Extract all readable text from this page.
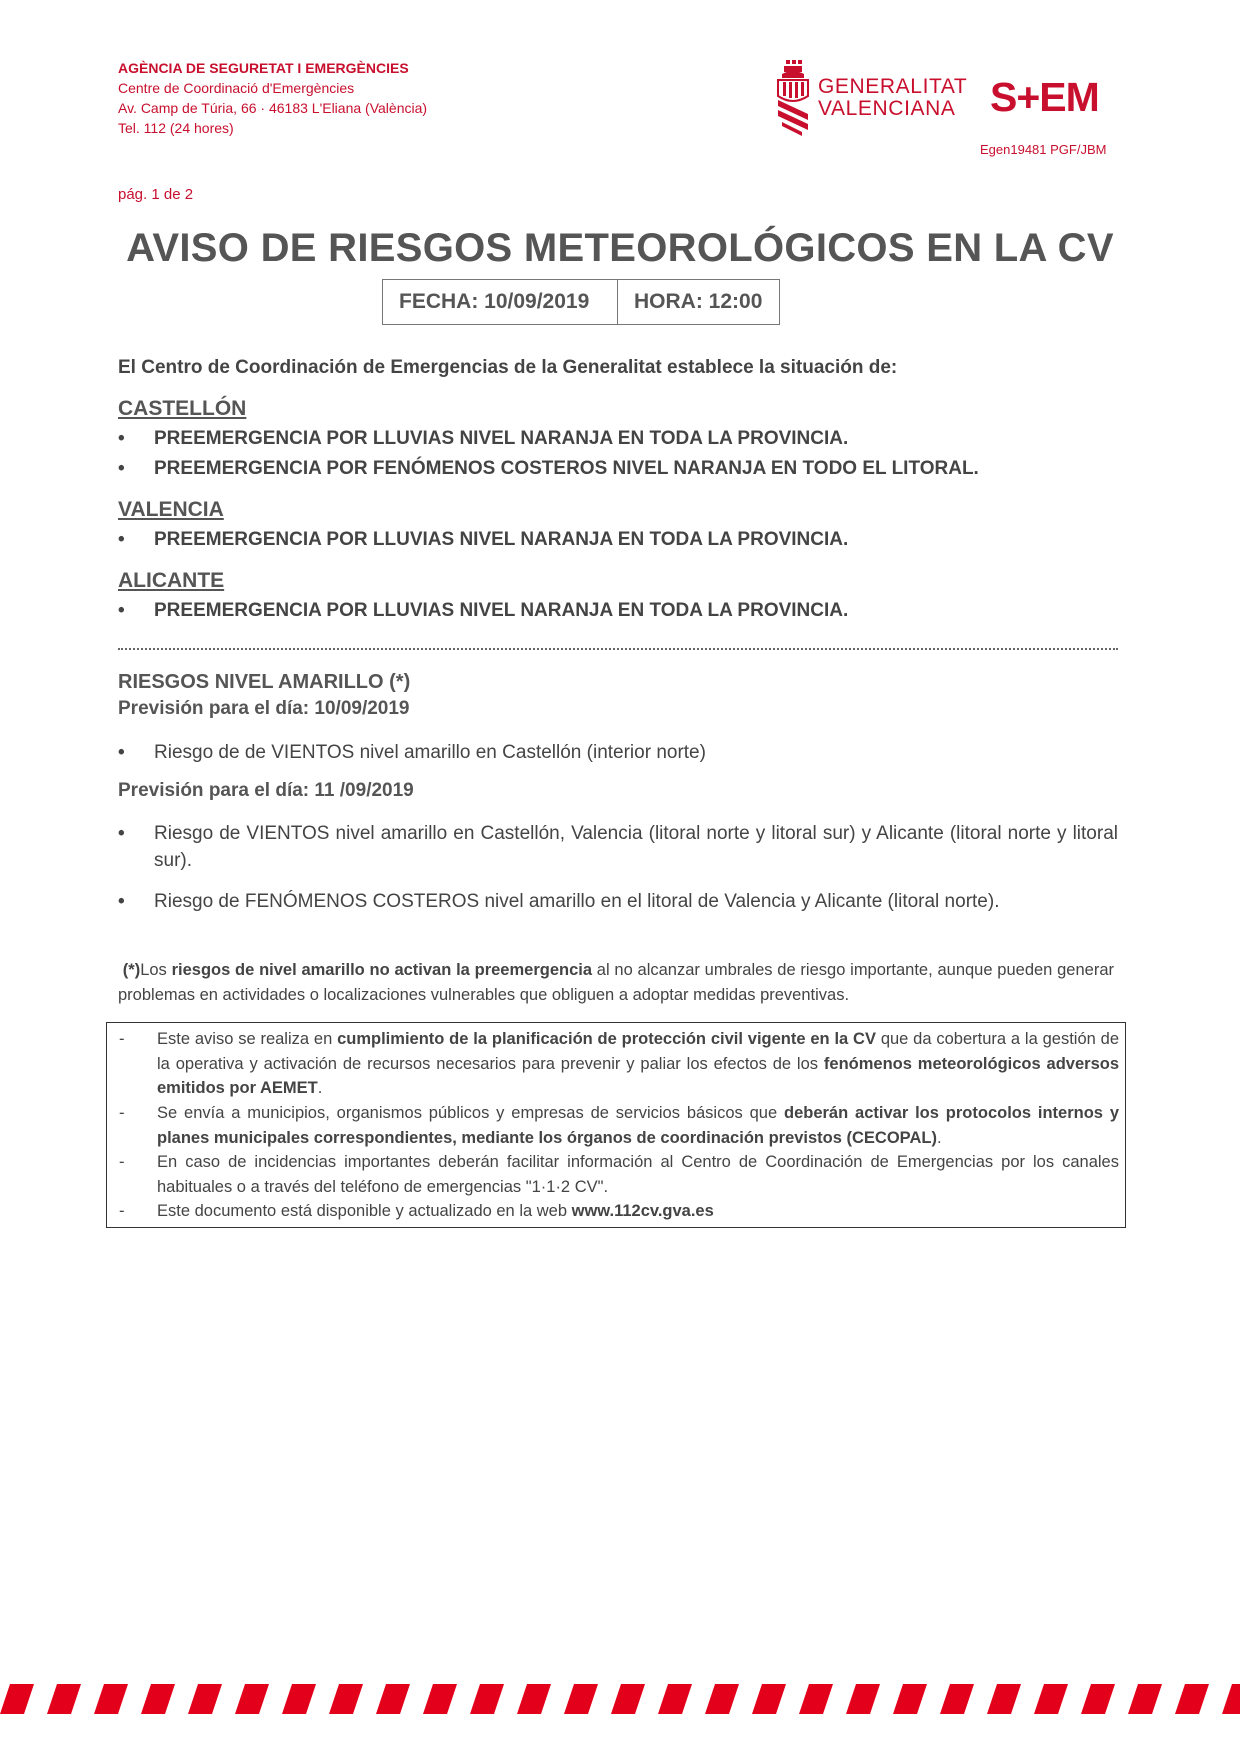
AGÈNCIA DE SEGURETAT I EMERGÈNCIES
Centre de Coordinació d'Emergències
Av. Camp de Túria, 66 · 46183 L'Eliana (València)
Tel. 112 (24 hores)
GENERALITAT
VALENCIANA S+EM
Egen19481 PGF/JBM
pág. 1 de 2
AVISO DE RIESGOS METEOROLÓGICOS EN LA CV
FECHA: 10/09/2019	HORA: 12:00
El Centro de Coordinación de Emergencias de la Generalitat establece la situación de:
CASTELLÓN
• PREEMERGENCIA POR LLUVIAS NIVEL NARANJA EN TODA LA PROVINCIA.
• PREEMERGENCIA POR FENÓMENOS COSTEROS NIVEL NARANJA EN TODO EL LITORAL.
VALENCIA
• PREEMERGENCIA POR LLUVIAS NIVEL NARANJA EN TODA LA PROVINCIA.
ALICANTE
• PREEMERGENCIA POR LLUVIAS NIVEL NARANJA EN TODA LA PROVINCIA.
RIESGOS NIVEL AMARILLO (*)
Previsión para el día: 10/09/2019
• Riesgo de de VIENTOS nivel amarillo en Castellón (interior norte)
Previsión para el día: 11 /09/2019
• Riesgo de VIENTOS nivel amarillo en Castellón, Valencia (litoral norte y litoral sur) y Alicante (litoral norte y litoral sur).
• Riesgo de FENÓMENOS COSTEROS nivel amarillo en el litoral de Valencia y Alicante (litoral norte).
(*)Los riesgos de nivel amarillo no activan la preemergencia al no alcanzar umbrales de riesgo importante, aunque pueden generar problemas en actividades o localizaciones vulnerables que obliguen a adoptar medidas preventivas.
- Este aviso se realiza en cumplimiento de la planificación de protección civil vigente en la CV que da cobertura a la gestión de la operativa y activación de recursos necesarios para prevenir y paliar los efectos de los fenómenos meteorológicos adversos emitidos por AEMET.
- Se envía a municipios, organismos públicos y empresas de servicios básicos que deberán activar los protocolos internos y planes municipales correspondientes, mediante los órganos de coordinación previstos (CECOPAL).
- En caso de incidencias importantes deberán facilitar información al Centro de Coordinación de Emergencias por los canales habituales o a través del teléfono de emergencias "1·1·2 CV".
- Este documento está disponible y actualizado en la web www.112cv.gva.es
